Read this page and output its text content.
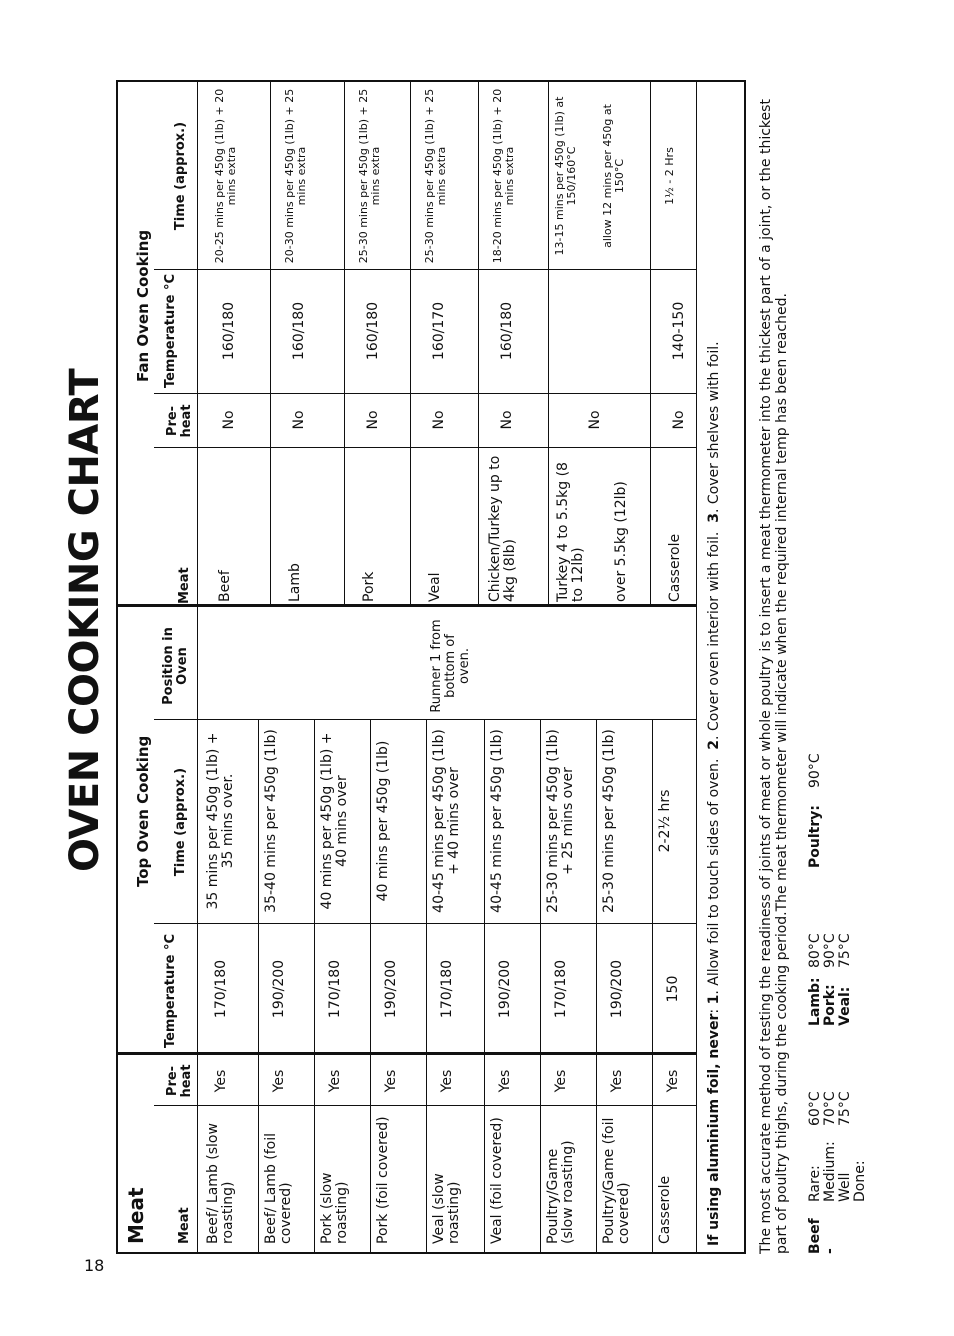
18
OVEN COOKING CHART
Meat
Top Oven Cooking
Fan Oven Cooking
Meat
Pre-heat
Temperature °C
Time (approx.)
Position in Oven
Meat
Pre-heat
Temperature °C
Time (approx.)
Beef/ Lamb (slow roasting)
Yes
170/180
35 mins per 450g (1lb) + 35 mins over.
Beef/ Lamb (foil covered)
Yes
190/200
35-40 mins per 450g (1lb)
Pork (slow roasting)
Yes
170/180
40 mins per 450g (1lb) + 40 mins over
Pork (foil covered)
Yes
190/200
40 mins per 450g (1lb)
Veal (slow roasting)
Yes
170/180
40-45 mins per 450g (1lb) + 40 mins over
Veal (foil covered)
Yes
190/200
40-45 mins per 450g (1lb)
Poultry/Game (slow roasting)
Yes
170/180
25-30 mins per 450g (1lb) + 25 mins over
Poultry/Game (foil covered)
Yes
190/200
25-30 mins per 450g (1lb)
Casserole
Yes
150
2-2½ hrs
Beef
No
160/180
20-25 mins per 450g (1lb) + 20 mins extra
Lamb
No
160/180
20-30 mins per 450g (1lb) + 25 mins extra
Pork
No
160/180
25-30 mins per 450g (1lb) + 25 mins extra
Veal
No
160/170
25-30 mins per 450g (1lb) + 25 mins extra
Chicken/Turkey up to 4kg (8lb)
No
160/180
18-20 mins per 450g (1lb) + 20 mins extra
Turkey 4 to 5.5kg (8 to 12lb) over 5.5kg (12lb)
No
13-15 mins per 450g (1lb) at 150/160°C allow 12 mins per 450g at 150°C
Casserole
No
140-150
1½ - 2 Hrs
Runner 1 from bottom of oven.
If using aluminium foil, never: 1. Allow foil to touch sides of oven.  2. Cover oven interior with foil.  3. Cover shelves with foil.	The most accurate method of testing the readiness of joints of meat or whole poultry is to insert a meat thermometer into the thickest part of a joint, or the thickest part of poultry thighs, during the cooking period.The meat thermometer will indicate when the required internal temp has been reached. Beef -
Rare: Medium: Well Done:
60°C 70°C 75°C
Lamb: Pork: Veal:
80°C 90°C 75°C
Poultry:
90°C
